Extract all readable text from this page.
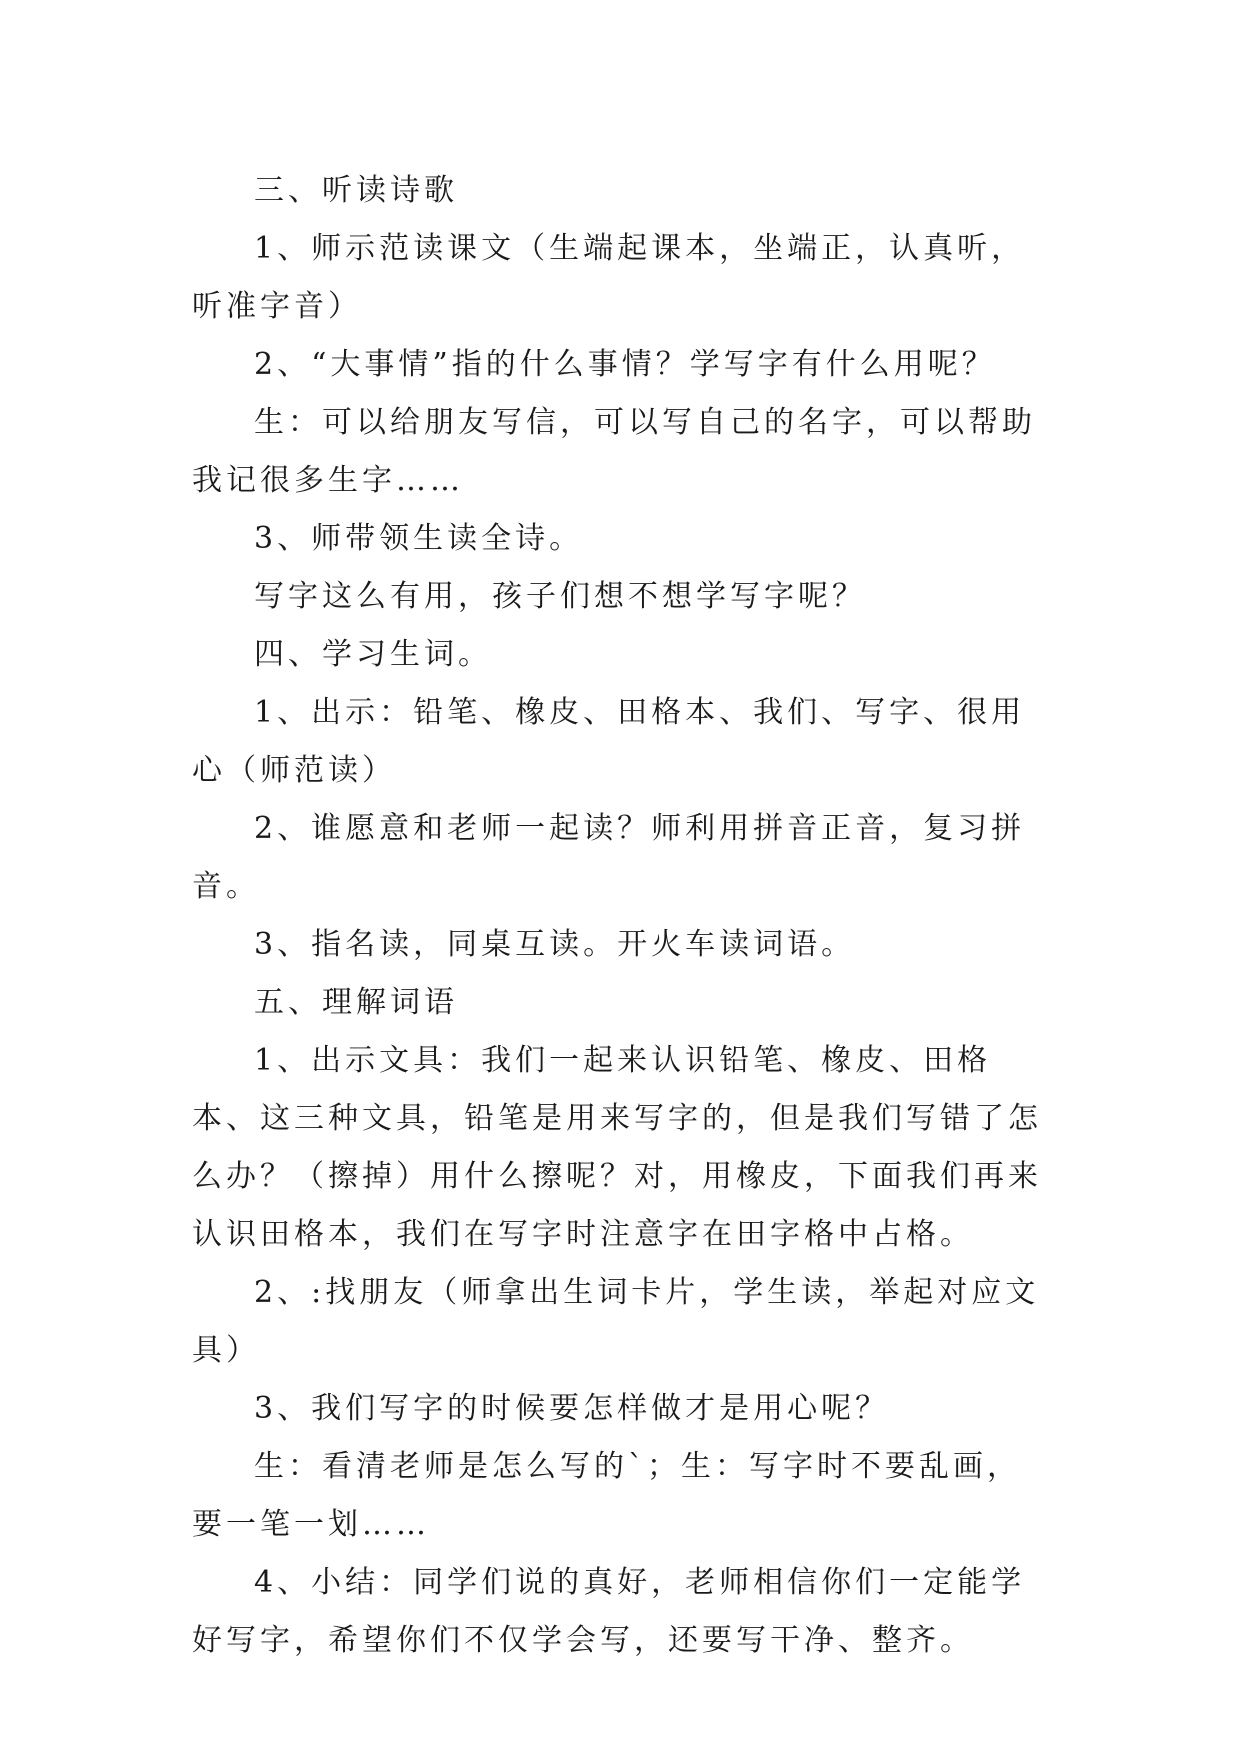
三、听读诗歌

1、师示范读课文（生端起课本，坐端正，认真听，听准字音）

2、“大事情”指的什么事情？学写字有什么用呢？

生：可以给朋友写信，可以写自己的名字，可以帮助我记很多生字……

3、师带领生读全诗。

写字这么有用，孩子们想不想学写字呢？

四、学习生词。

1、出示：铅笔、橡皮、田格本、我们、写字、很用心（师范读）

2、谁愿意和老师一起读？师利用拼音正音，复习拼音。

3、指名读，同桌互读。开火车读词语。

五、理解词语

1、出示文具：我们一起来认识铅笔、橡皮、田格本、这三种文具，铅笔是用来写字的，但是我们写错了怎么办？（擦掉）用什么擦呢？对，用橡皮，下面我们再来认识田格本，我们在写字时注意字在田字格中占格。

2、:找朋友（师拿出生词卡片，学生读，举起对应文具）

3、我们写字的时候要怎样做才是用心呢？

生：看清老师是怎么写的`；生：写字时不要乱画，要一笔一划……

4、小结：同学们说的真好，老师相信你们一定能学好写字，希望你们不仅学会写，还要写干净、整齐。
